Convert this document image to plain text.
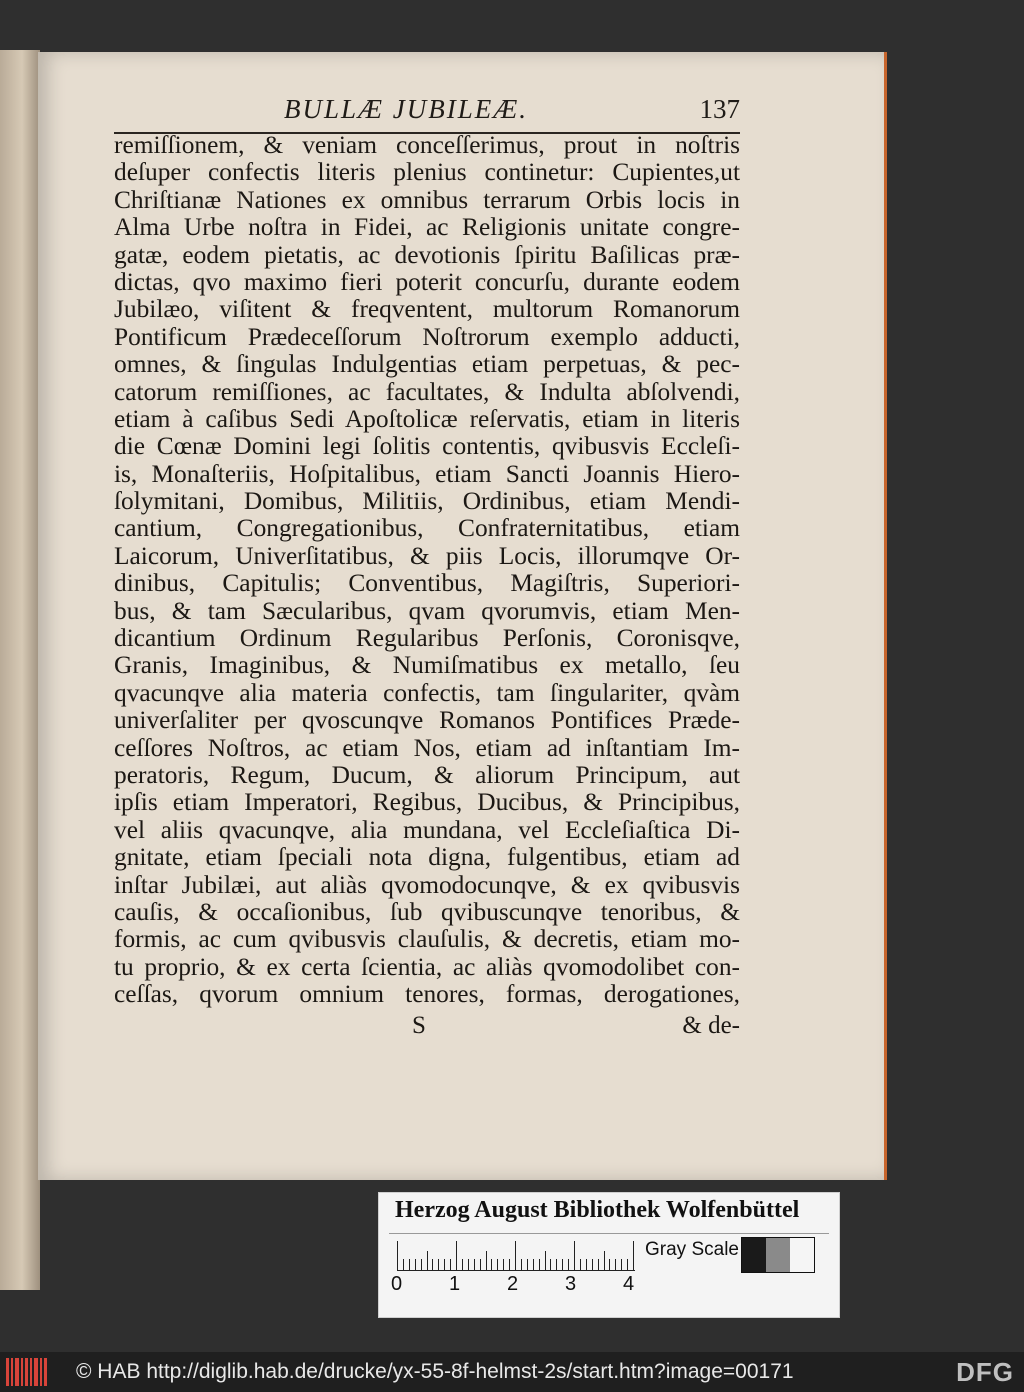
BULLÆ JUBILEÆ.	137
remiſſionem, & veniam conceſſerimus, prout in noſtris
deſuper confectis literis plenius continetur: Cupientes,ut
Chriſtianæ Nationes ex omnibus terrarum Orbis locis in
Alma Urbe noſtra in Fidei, ac Religionis unitate congre-
gatæ, eodem pietatis, ac devotionis ſpiritu Baſilicas præ-
dictas, qvo maximo fieri poterit concurſu, durante eodem
Jubilæo, viſitent & freqventent, multorum Romanorum
Pontificum Prædeceſſorum Noſtrorum exemplo adducti,
omnes, & ſingulas Indulgentias etiam perpetuas, & pec-
catorum remiſſiones, ac facultates, & Indulta abſolvendi,
etiam à caſibus Sedi Apoſtolicæ reſervatis, etiam in literis
die Cœnæ Domini legi ſolitis contentis, qvibusvis Eccleſi-
is, Monaſteriis, Hoſpitalibus, etiam Sancti Joannis Hiero-
ſolymitani, Domibus, Militiis, Ordinibus, etiam Mendi-
cantium, Congregationibus, Confraternitatibus, etiam
Laicorum, Univerſitatibus, & piis Locis, illorumqve Or-
dinibus, Capitulis; Conventibus, Magiſtris, Superiori-
bus, & tam Sæcularibus, qvam qvorumvis, etiam Men-
dicantium Ordinum Regularibus Perſonis, Coronisqve,
Granis, Imaginibus, & Numiſmatibus ex metallo, ſeu
qvacunqve alia materia confectis, tam ſingulariter, qvàm
univerſaliter per qvoscunqve Romanos Pontifices Præde-
ceſſores Noſtros, ac etiam Nos, etiam ad inſtantiam Im-
peratoris, Regum, Ducum, & aliorum Principum, aut
ipſis etiam Imperatori, Regibus, Ducibus, & Principibus,
vel aliis qvacunqve, alia mundana, vel Eccleſiaſtica Di-
gnitate, etiam ſpeciali nota digna, fulgentibus, etiam ad
inſtar Jubilæi, aut aliàs qvomodocunqve, & ex qvibusvis
cauſis, & occaſionibus, ſub qvibuscunqve tenoribus, &
formis, ac cum qvibusvis clauſulis, & decretis, etiam mo-
tu proprio, & ex certa ſcientia, ac aliàs qvomodolibet con-
ceſſas, qvorum omnium tenores, formas, derogationes,
S	& de-
Herzog August Bibliothek Wolfenbüttel
0 1 2 3 4
Gray Scale
© HAB http://diglib.hab.de/drucke/yx-55-8f-helmst-2s/start.htm?image=00171	DFG
